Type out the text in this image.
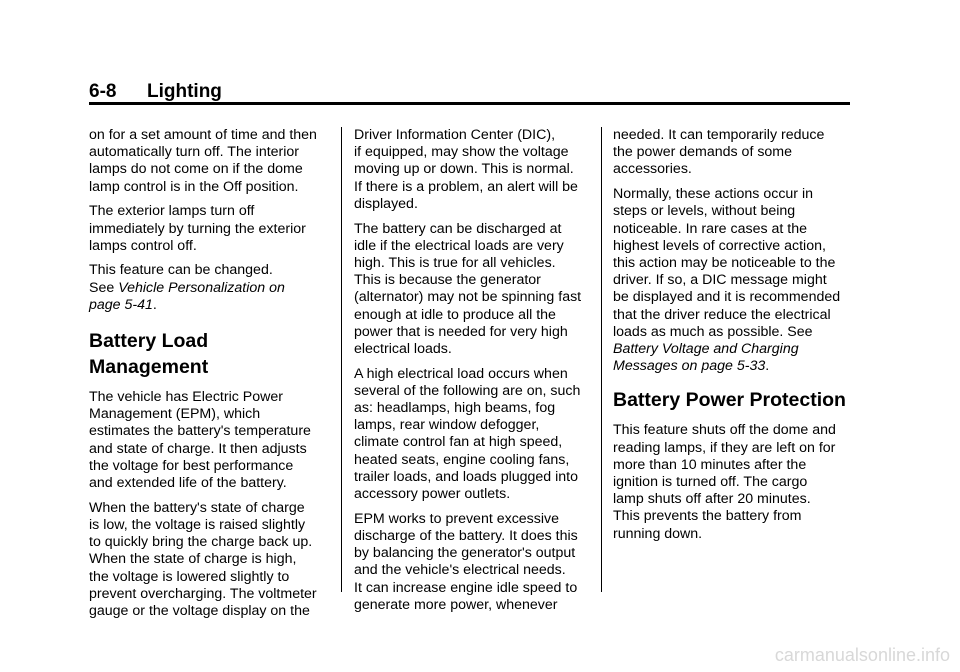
6-8 Lighting

on for a set amount of time and then
automatically turn off. The interior
lamps do not come on if the dome
lamp control is in the Off position.

The exterior lamps turn off
immediately by turning the exterior
lamps control off.

This feature can be changed.
See Vehicle Personalization on
page 5-41.

Battery Load
Management

The vehicle has Electric Power
Management (EPM), which
estimates the battery's temperature
and state of charge. It then adjusts
the voltage for best performance
and extended life of the battery.

When the battery's state of charge
is low, the voltage is raised slightly
to quickly bring the charge back up.
When the state of charge is high,
the voltage is lowered slightly to
prevent overcharging. The voltmeter
gauge or the voltage display on the

Driver Information Center (DIC),
if equipped, may show the voltage
moving up or down. This is normal.
If there is a problem, an alert will be
displayed.

The battery can be discharged at
idle if the electrical loads are very
high. This is true for all vehicles.
This is because the generator
(alternator) may not be spinning fast
enough at idle to produce all the
power that is needed for very high
electrical loads.

A high electrical load occurs when
several of the following are on, such
as: headlamps, high beams, fog
lamps, rear window defogger,
climate control fan at high speed,
heated seats, engine cooling fans,
trailer loads, and loads plugged into
accessory power outlets.

EPM works to prevent excessive
discharge of the battery. It does this
by balancing the generator's output
and the vehicle's electrical needs.
It can increase engine idle speed to
generate more power, whenever

needed. It can temporarily reduce
the power demands of some
accessories.

Normally, these actions occur in
steps or levels, without being
noticeable. In rare cases at the
highest levels of corrective action,
this action may be noticeable to the
driver. If so, a DIC message might
be displayed and it is recommended
that the driver reduce the electrical
loads as much as possible. See
Battery Voltage and Charging
Messages on page 5-33.

Battery Power Protection

This feature shuts off the dome and
reading lamps, if they are left on for
more than 10 minutes after the
ignition is turned off. The cargo
lamp shuts off after 20 minutes.
This prevents the battery from
running down.

carmanualsonline.info
